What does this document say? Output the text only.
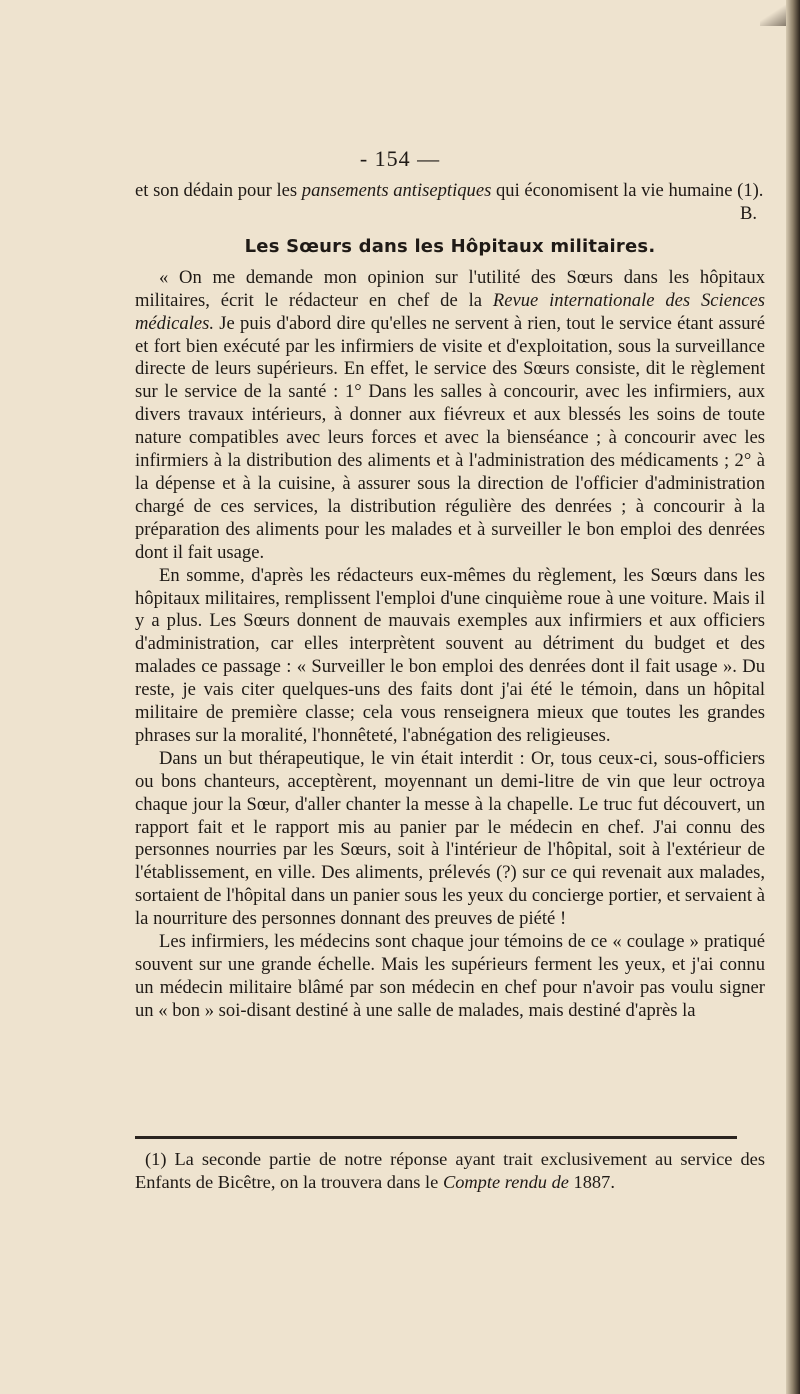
- 154 —

et son dédain pour les pansements antiseptiques qui économisent la vie humaine (1).

B.
Les Sœurs dans les Hôpitaux militaires.

« On me demande mon opinion sur l'utilité des Sœurs dans les hôpitaux militaires, écrit le rédacteur en chef de la Revue internationale des Sciences médicales. Je puis d'abord dire qu'elles ne servent à rien, tout le service étant assuré et fort bien exécuté par les infirmiers de visite et d'exploitation, sous la surveillance directe de leurs supérieurs. En effet, le service des Sœurs consiste, dit le règlement sur le service de la santé : 1° Dans les salles à concourir, avec les infirmiers, aux divers travaux intérieurs, à donner aux fiévreux et aux blessés les soins de toute nature compatibles avec leurs forces et avec la bienséance ; à concourir avec les infirmiers à la distribution des aliments et à l'administration des médicaments ; 2° à la dépense et à la cuisine, à assurer sous la direction de l'officier d'administration chargé de ces services, la distribution régulière des denrées ; à concourir à la préparation des aliments pour les malades et à surveiller le bon emploi des denrées dont il fait usage.

En somme, d'après les rédacteurs eux-mêmes du règlement, les Sœurs dans les hôpitaux militaires, remplissent l'emploi d'une cinquième roue à une voiture. Mais il y a plus. Les Sœurs donnent de mauvais exemples aux infirmiers et aux officiers d'administration, car elles interprètent souvent au détriment du budget et des malades ce passage : « Surveiller le bon emploi des denrées dont il fait usage ». Du reste, je vais citer quelques-uns des faits dont j'ai été le témoin, dans un hôpital militaire de première classe; cela vous renseignera mieux que toutes les grandes phrases sur la moralité, l'honnêteté, l'abnégation des religieuses.

Dans un but thérapeutique, le vin était interdit : Or, tous ceux-ci, sous-officiers ou bons chanteurs, acceptèrent, moyennant un demi-litre de vin que leur octroya chaque jour la Sœur, d'aller chanter la messe à la chapelle. Le truc fut découvert, un rapport fait et le rapport mis au panier par le médecin en chef. J'ai connu des personnes nourries par les Sœurs, soit à l'intérieur de l'hôpital, soit à l'extérieur de l'établissement, en ville. Des aliments, prélevés (?) sur ce qui revenait aux malades, sortaient de l'hôpital dans un panier sous les yeux du concierge portier, et servaient à la nourriture des personnes donnant des preuves de piété !

Les infirmiers, les médecins sont chaque jour témoins de ce « coulage » pratiqué souvent sur une grande échelle. Mais les supérieurs ferment les yeux, et j'ai connu un médecin militaire blâmé par son médecin en chef pour n'avoir pas voulu signer un « bon » soi-disant destiné à une salle de malades, mais destiné d'après la

(1) La seconde partie de notre réponse ayant trait exclusivement au service des Enfants de Bicêtre, on la trouvera dans le Compte rendu de 1887.
